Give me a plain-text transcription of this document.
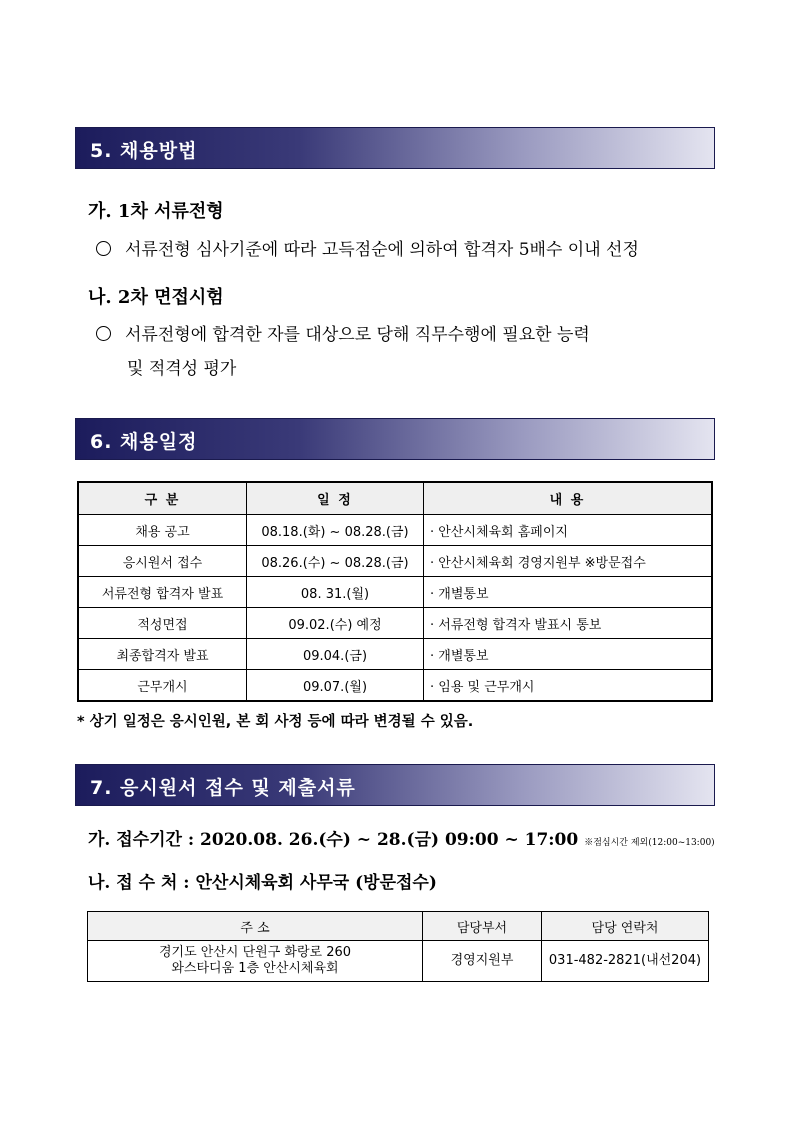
5. 채용방법
가. 1차 서류전형
서류전형 심사기준에 따라 고득점순에 의하여 합격자 5배수 이내 선정
나. 2차 면접시험
서류전형에 합격한 자를 대상으로 당해 직무수행에 필요한 능력
및 적격성 평가
6. 채용일정
구 분	일 정	내 용
채용 공고	08.18.(화) ~ 08.28.(금)	· 안산시체육회 홈페이지
응시원서 접수	08.26.(수) ~ 08.28.(금)	· 안산시체육회 경영지원부 ※방문접수
서류전형 합격자 발표	08. 31.(월)	· 개별통보
적성면접	09.02.(수) 예정	· 서류전형 합격자 발표시 통보
최종합격자 발표	09.04.(금)	· 개별통보
근무개시	09.07.(월)	· 임용 및 근무개시
* 상기 일정은 응시인원, 본 회 사정 등에 따라 변경될 수 있음.
7. 응시원서 접수 및 제출서류
가. 접수기간 : 2020.08. 26.(수) ~ 28.(금) 09:00 ~ 17:00 ※점심시간 제외(12:00~13:00)
나. 접 수 처 : 안산시체육회 사무국 (방문접수)
주 소	담당부서	담당 연락처

경기도 안산시 단원구 화랑로 260
와스타디움 1층 안산시체육회	경영지원부	031-482-2821(내선204)
